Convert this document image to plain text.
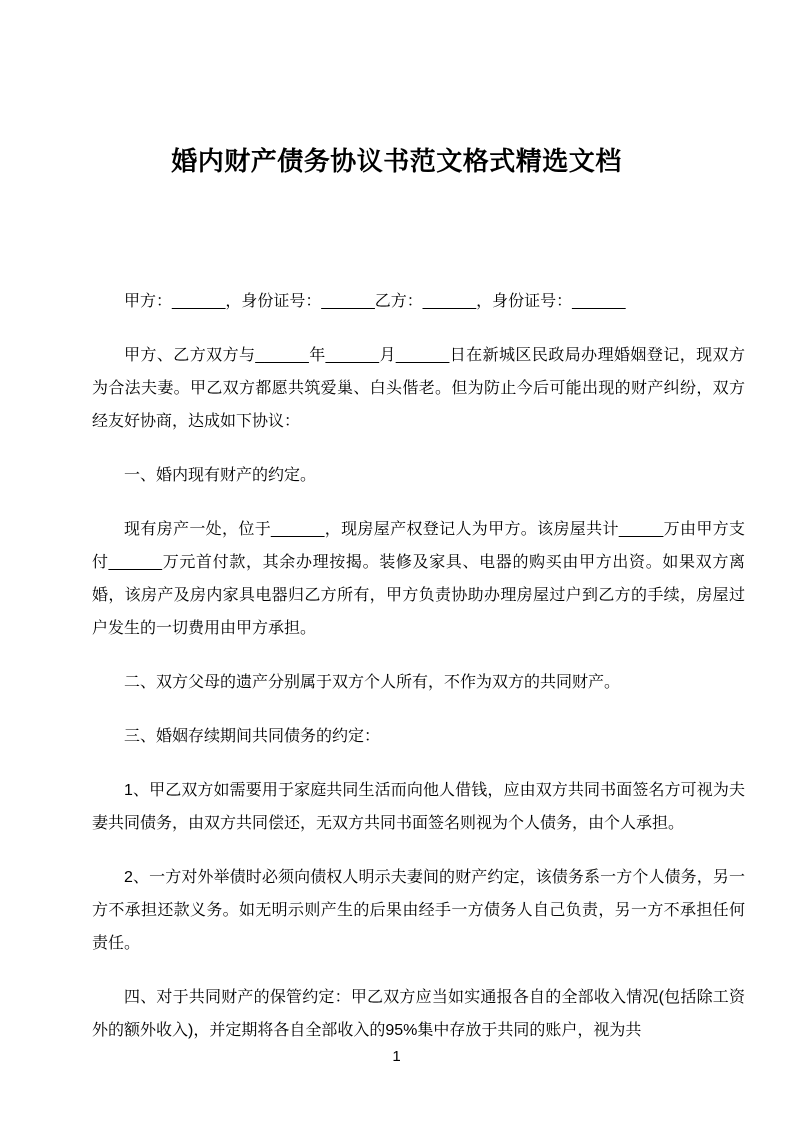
婚内财产债务协议书范文格式精选文档

甲方：______，身份证号：______乙方：______，身份证号：______

甲方、乙方双方与______年______月______日在新城区民政局办理婚姻登记，现双方为合法夫妻。甲乙双方都愿共筑爱巢、白头偕老。但为防止今后可能出现的财产纠纷，双方经友好协商，达成如下协议：

一、婚内现有财产的约定。

现有房产一处，位于______，现房屋产权登记人为甲方。该房屋共计_____万由甲方支付______万元首付款，其余办理按揭。装修及家具、电器的购买由甲方出资。如果双方离婚，该房产及房内家具电器归乙方所有，甲方负责协助办理房屋过户到乙方的手续，房屋过户发生的一切费用由甲方承担。

二、双方父母的遗产分别属于双方个人所有，不作为双方的共同财产。

三、婚姻存续期间共同债务的约定：

1、甲乙双方如需要用于家庭共同生活而向他人借钱，应由双方共同书面签名方可视为夫妻共同债务，由双方共同偿还，无双方共同书面签名则视为个人债务，由个人承担。

2、一方对外举债时必须向债权人明示夫妻间的财产约定，该债务系一方个人债务，另一方不承担还款义务。如无明示则产生的后果由经手一方债务人自己负责，另一方不承担任何责任。

四、对于共同财产的保管约定：甲乙双方应当如实通报各自的全部收入情况(包括除工资外的额外收入)，并定期将各自全部收入的95%集中存放于共同的账户，视为共

1
